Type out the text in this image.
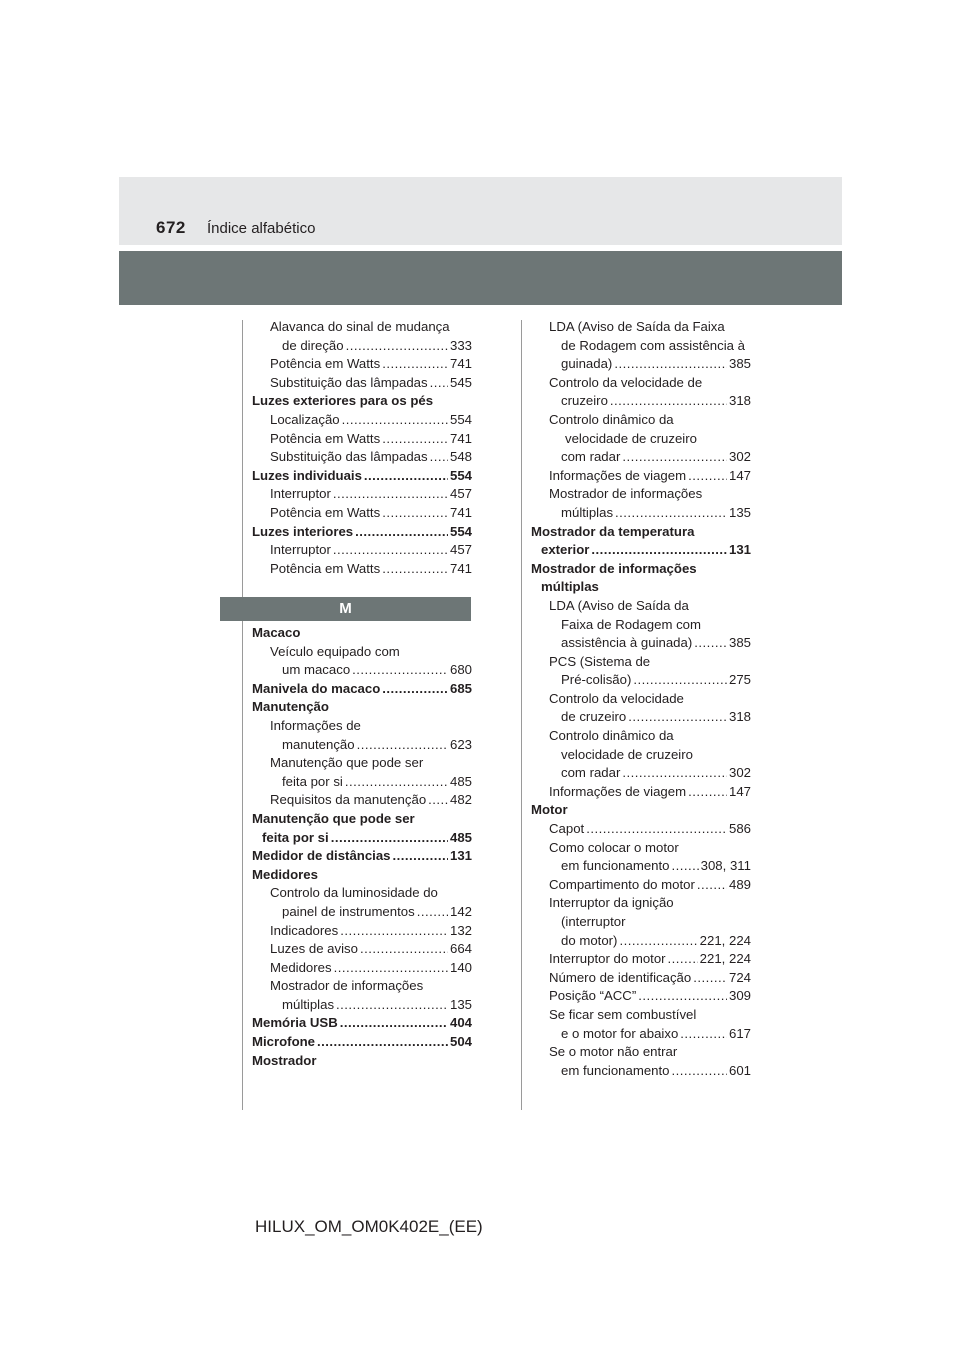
672 Índice alfabético
Alavanca do sinal de mudança
de direção . . .	333
Potência em Watts . . .	741
Substituição das lâmpadas . . . 545
Luzes exteriores para os pés
Localização . . .	554
Potência em Watts . . .	741
Substituição das lâmpadas . . . 548
Luzes individuais . . .	554
Interruptor . . .	457
Potência em Watts . . .	741
Luzes interiores . . .	554
Interruptor . . .	457
Potência em Watts . . .	741
M
Macaco
Veículo equipado com
um macaco . . .	680
Manivela do macaco . . .	685
Manutenção
Informações de
manutenção . . .	623
Manutenção que pode ser
feita por si . . .	485
Requisitos da manutenção . . . 482
Manutenção que pode ser
feita por si . . .	485
Medidor de distâncias . . .	131
Medidores
Controlo da luminosidade do
painel de instrumentos . . .	142
Indicadores . . .	132
Luzes de aviso . . .	664
Medidores . . .	140
Mostrador de informações
múltiplas . . .	135
Memória USB . . .	404
Microfone . . .	504
Mostrador
LDA (Aviso de Saída da Faixa
de Rodagem com assistência à
guinada) . . .	385
Controlo da velocidade de
cruzeiro . . .	318
Controlo dinâmico da
velocidade de cruzeiro
com radar . . .	302
Informações de viagem . . .	147
Mostrador de informações
múltiplas . . .	135
Mostrador da temperatura
exterior . . .	131
Mostrador de informações
múltiplas
LDA (Aviso de Saída da
Faixa de Rodagem com
assistência à guinada) . . .	385
PCS (Sistema de
Pré-colisão) . . .	275
Controlo da velocidade
de cruzeiro . . .	318
Controlo dinâmico da
velocidade de cruzeiro
com radar . . .	302
Informações de viagem . . .	147
Motor
Capot . . .	586
Como colocar o motor
em funcionamento . . . 308, 311
Compartimento do motor . . .	489
Interruptor da ignição
(interruptor
do motor) . . .	221, 224
Interruptor do motor . . .	221, 224
Número de identificação . . .	724
Posição “ACC” . . .	309
Se ficar sem combustível
e o motor for abaixo . . .	617
Se o motor não entrar
em funcionamento . . .	601
HILUX_OM_OM0K402E_(EE)
